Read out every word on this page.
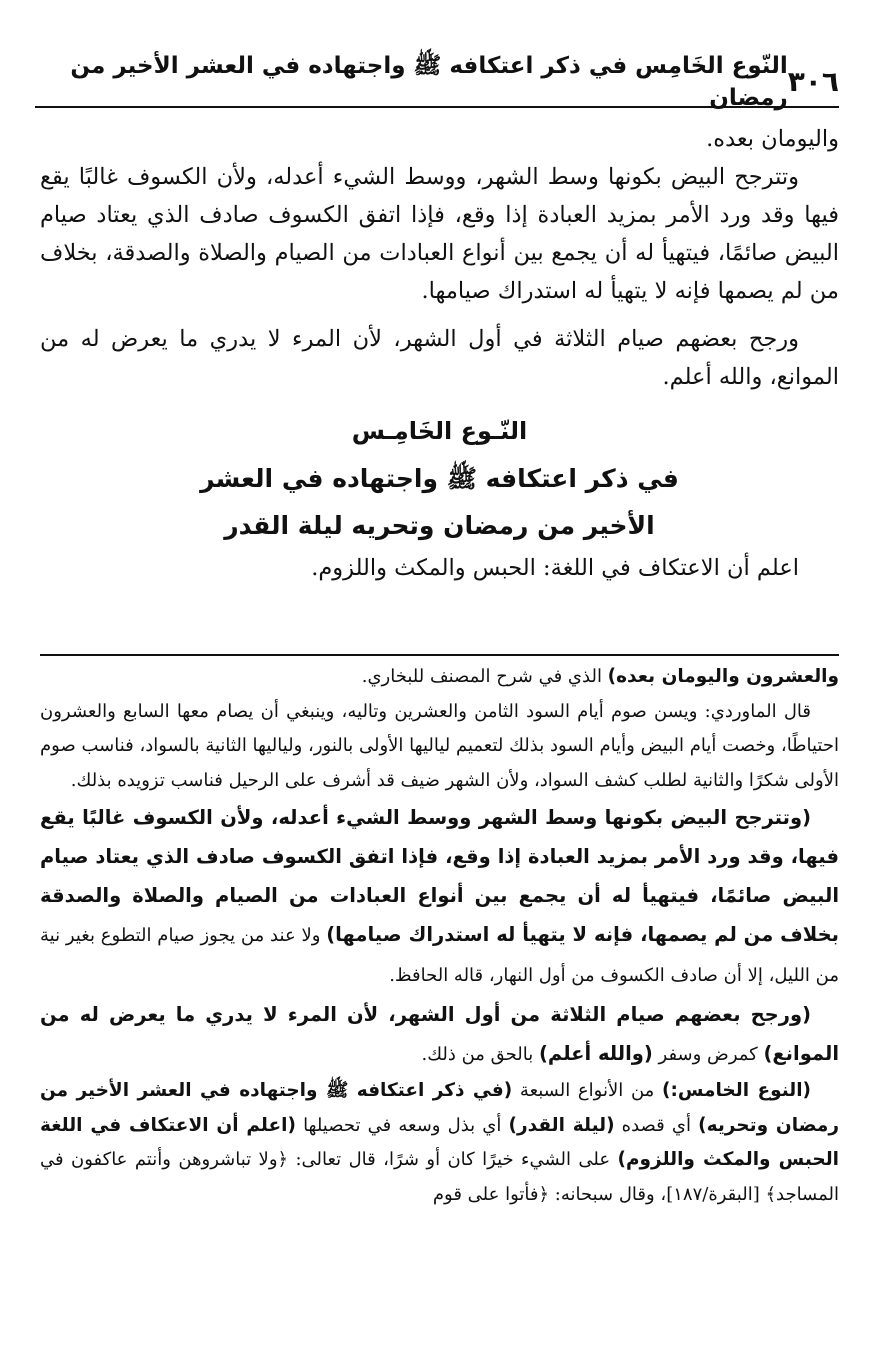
٣٠٦
النّوع الخَامِس في ذكر اعتكافه ﷺ واجتهاده في العشر الأخير من رمضان

واليومان بعده.

وتترجح البيض بكونها وسط الشهر، ووسط الشيء أعدله، ولأن الكسوف غالبًا يقع فيها وقد ورد الأمر بمزيد العبادة إذا وقع، فإذا اتفق الكسوف صادف الذي يعتاد صيام البيض صائمًا، فيتهيأ له أن يجمع بين أنواع العبادات من الصيام والصلاة والصدقة، بخلاف من لم يصمها فإنه لا يتهيأ له استدراك صيامها.

ورجح بعضهم صيام الثلاثة في أول الشهر، لأن المرء لا يدري ما يعرض له من الموانع، والله أعلم.

النّـوع الخَامِـس
في ذكر اعتكافه ﷺ واجتهاده في العشر
الأخير من رمضان وتحريه ليلة القدر

اعلم أن الاعتكاف في اللغة: الحبس والمكث واللزوم.

والعشرون واليومان بعده) الذي في شرح المصنف للبخاري.

قال الماوردي: ويسن صوم أيام السود الثامن والعشرين وتاليه، وينبغي أن يصام معها السابع والعشرون احتياطًا، وخصت أيام البيض وأيام السود بذلك لتعميم لياليها الأولى بالنور، ولياليها الثانية بالسواد، فناسب صوم الأولى شكرًا والثانية لطلب كشف السواد، ولأن الشهر ضيف قد أشرف على الرحيل فناسب تزويده بذلك.

(وتترجح البيض بكونها وسط الشهر ووسط الشيء أعدله، ولأن الكسوف غالبًا يقع فيها، وقد ورد الأمر بمزيد العبادة إذا وقع، فإذا اتفق الكسوف صادف الذي يعتاد صيام البيض صائمًا، فيتهيأ له أن يجمع بين أنواع العبادات من الصيام والصلاة والصدقة بخلاف من لم يصمها، فإنه لا يتهيأ له استدراك صيامها) ولا عند من يجوز صيام التطوع بغير نية من الليل، إلا أن صادف الكسوف من أول النهار، قاله الحافظ.

(ورجح بعضهم صيام الثلاثة من أول الشهر، لأن المرء لا يدري ما يعرض له من الموانع) كمرض وسفر (والله أعلم) بالحق من ذلك.

(النوع الخامس:) من الأنواع السبعة (في ذكر اعتكافه ﷺ واجتهاده في العشر الأخير من رمضان وتحريه) أي قصده (ليلة القدر) أي بذل وسعه في تحصيلها (اعلم أن الاعتكاف في اللغة الحبس والمكث واللزوم) على الشيء خيرًا كان أو شرًا، قال تعالى: ﴿ولا تباشروهن وأنتم عاكفون في المساجد﴾ [البقرة/١٨٧]، وقال سبحانه: ﴿فأتوا على قوم
